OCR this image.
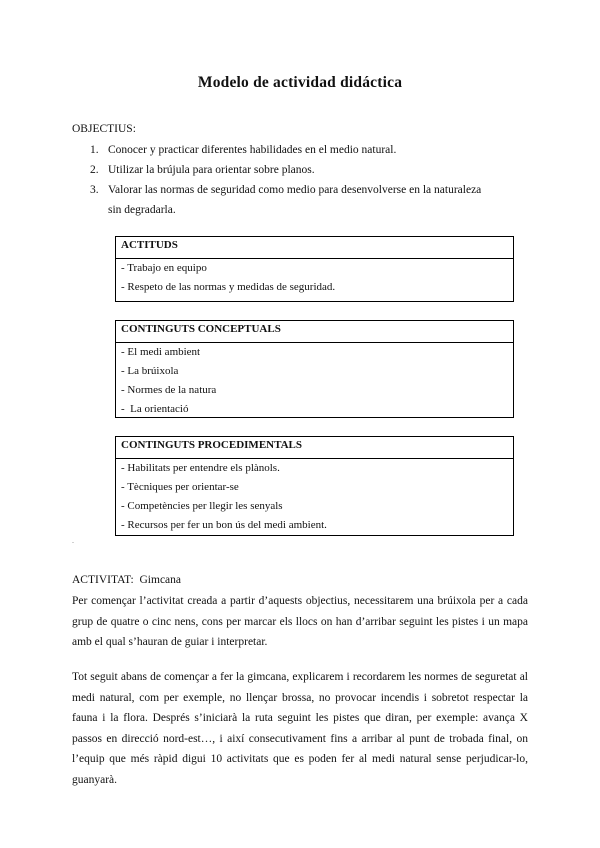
Modelo de actividad didáctica
OBJECTIUS:
1. Conocer y practicar diferentes habilidades en el medio natural.
2. Utilizar la brújula para orientar sobre planos.
3. Valorar las normas de seguridad como medio para desenvolverse en la naturaleza sin degradarla.
ACTITUDS
- Trabajo en equipo
- Respeto de las normas y medidas de seguridad.
CONTINGUTS CONCEPTUALS
- El medi ambient
- La brúixola
- Normes de la natura
-  La orientació
CONTINGUTS PROCEDIMENTALS
- Habilitats per entendre els plànols.
- Tècniques per orientar-se
- Competències per llegir les senyals
- Recursos per fer un bon ús del medi ambient.
.
ACTIVITAT:  Gimcana
Per començar l’activitat creada a partir d’aquests objectius, necessitarem una brúixola per a cada grup de quatre o cinc nens, cons per marcar els llocs on han d’arribar seguint les pistes i un mapa amb el qual s’hauran de guiar i interpretar.
Tot seguit abans de començar a fer la gimcana, explicarem i recordarem les normes de seguretat al medi natural, com per exemple, no llençar brossa, no provocar incendis i sobretot respectar la fauna i la flora. Després s’iniciarà la ruta seguint les pistes que diran, per exemple: avança X passos en direcció nord-est…, i així consecutivament fins a arribar al punt de trobada final, on l’equip que més ràpid digui 10 activitats que es poden fer al medi natural sense perjudicar-lo, guanyarà.
